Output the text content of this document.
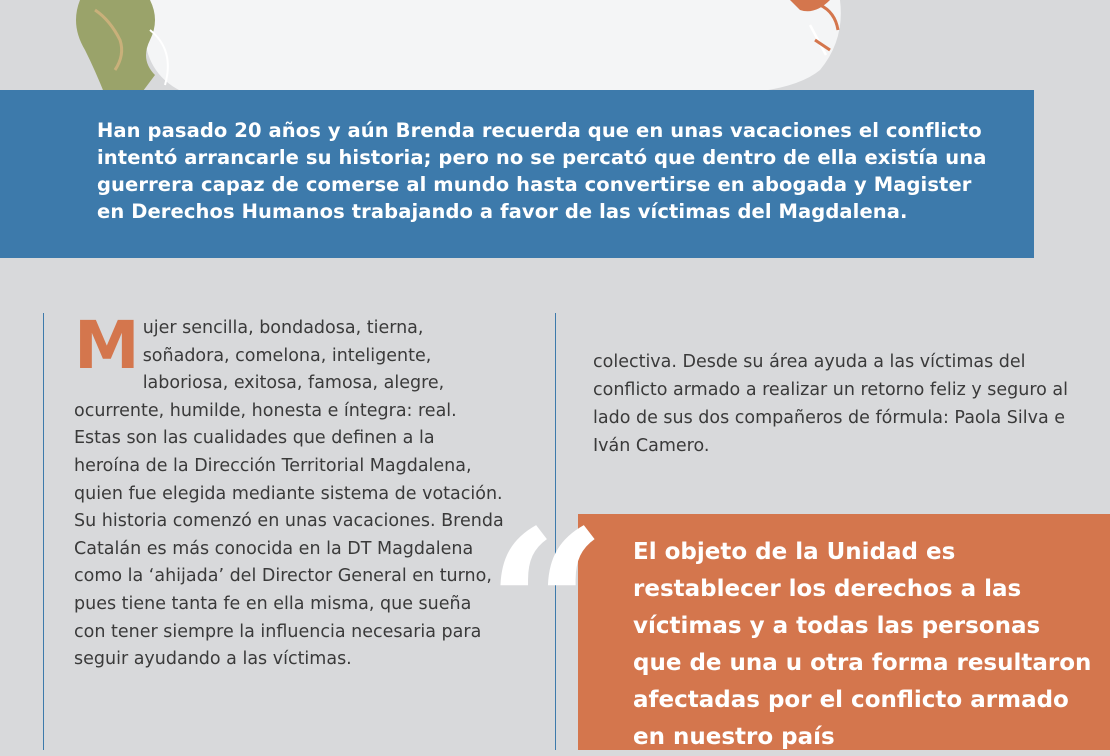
Han pasado 20 años y aún Brenda recuerda que en unas vacaciones el conflicto intentó arrancarle su historia; pero no se percató que dentro de ella existía una guerrera capaz de comerse al mundo hasta convertirse en abogada y Magister en Derechos Humanos trabajando a favor de las víctimas del Magdalena.

Mujer sencilla, bondadosa, tierna, soñadora, comelona, inteligente, laboriosa, exitosa, famosa, alegre, ocurrente, humilde, honesta e íntegra: real. Estas son las cualidades que definen a la heroína de la Dirección Territorial Magdalena, quien fue elegida mediante sistema de votación.

Su historia comenzó en unas vacaciones. Brenda Catalán es más conocida en la DT Magdalena como la ‘ahijada’ del Director General en turno, pues tiene tanta fe en ella misma, que sueña con tener siempre la influencia necesaria para seguir ayudando a las víctimas.

colectiva. Desde su área ayuda a las víctimas del conflicto armado a realizar un retorno feliz y seguro al lado de sus dos compañeros de fórmula: Paola Silva e Iván Camero.

“ El objeto de la Unidad es restablecer los derechos a las víctimas y a todas las personas que de una u otra forma resultaron afectadas por el conflicto armado en nuestro país
